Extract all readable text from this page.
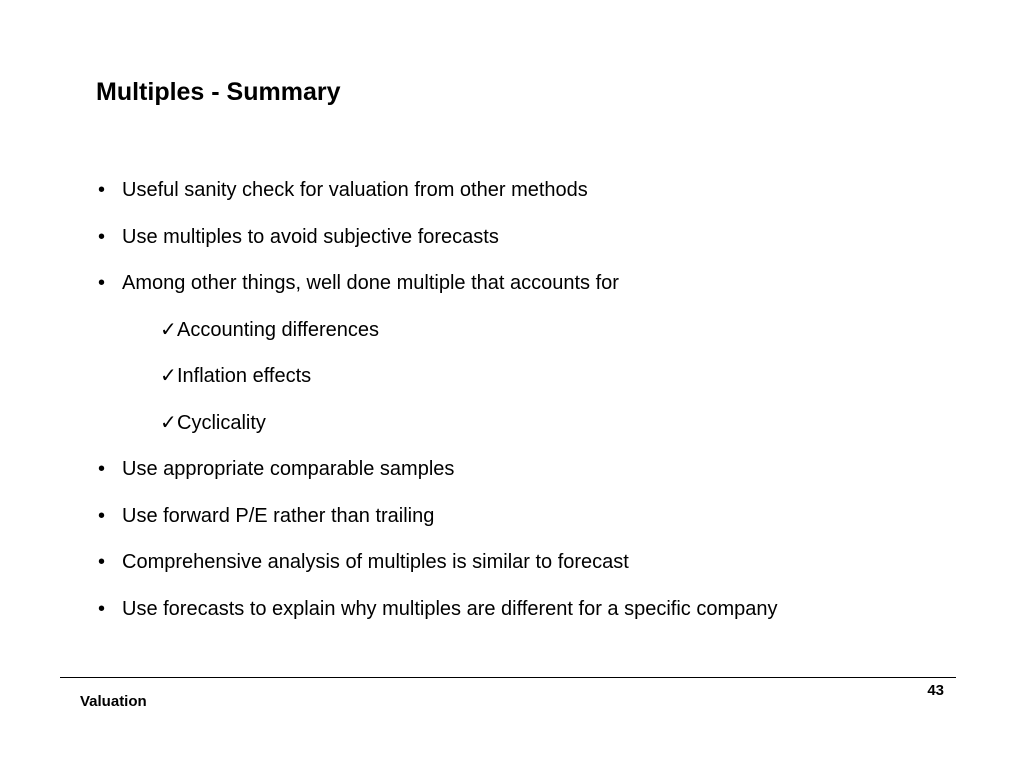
Multiples - Summary
• Useful sanity check for valuation from other methods
• Use multiples to avoid subjective forecasts
• Among other things, well done multiple that accounts for
✓ Accounting differences
✓ Inflation effects
✓ Cyclicality
• Use appropriate comparable samples
• Use forward P/E rather than trailing
• Comprehensive analysis of multiples is similar to forecast
• Use forecasts to explain why multiples are different for a specific company
43
Valuation
